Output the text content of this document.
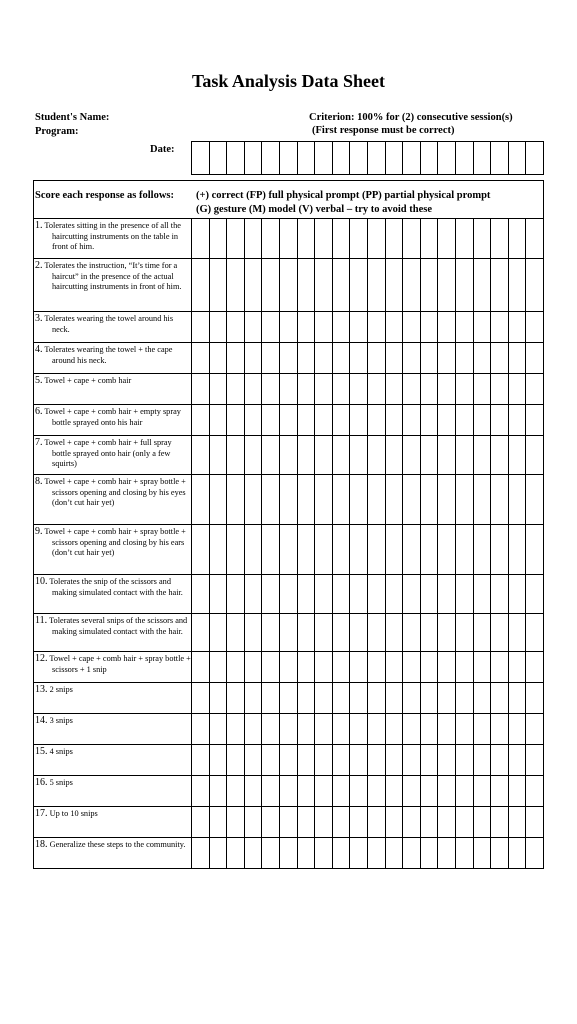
Task Analysis Data Sheet
Student's Name:
Program:
Criterion: 100% for (2) consecutive session(s)
(First response must be correct)
Date:
Score each response as follows: (+) correct (FP) full physical prompt (PP) partial physical prompt
(G) gesture (M) model (V) verbal – try to avoid these
1. Tolerates sitting in the presence of all the haircutting instruments on the table in front of him.
2. Tolerates the instruction, “It’s time for a haircut” in the presence of the actual haircutting instruments in front of him.
3. Tolerates wearing the towel around his neck.
4. Tolerates wearing the towel + the cape around his neck.
5. Towel + cape + comb hair
6. Towel + cape + comb hair + empty spray bottle sprayed onto his hair
7. Towel + cape + comb hair + full spray bottle sprayed onto hair (only a few squirts)
8. Towel + cape + comb hair + spray bottle + scissors opening and closing by his eyes (don’t cut hair yet)
9. Towel + cape + comb hair + spray bottle + scissors opening and closing by his ears (don’t cut hair yet)
10. Tolerates the snip of the scissors and making simulated contact with the hair.
11. Tolerates several snips of the scissors and making simulated contact with the hair.
12. Towel + cape + comb hair + spray bottle + scissors + 1 snip
13. 2 snips
14. 3 snips
15. 4 snips
16. 5 snips
17. Up to 10 snips
18. Generalize these steps to the community.
